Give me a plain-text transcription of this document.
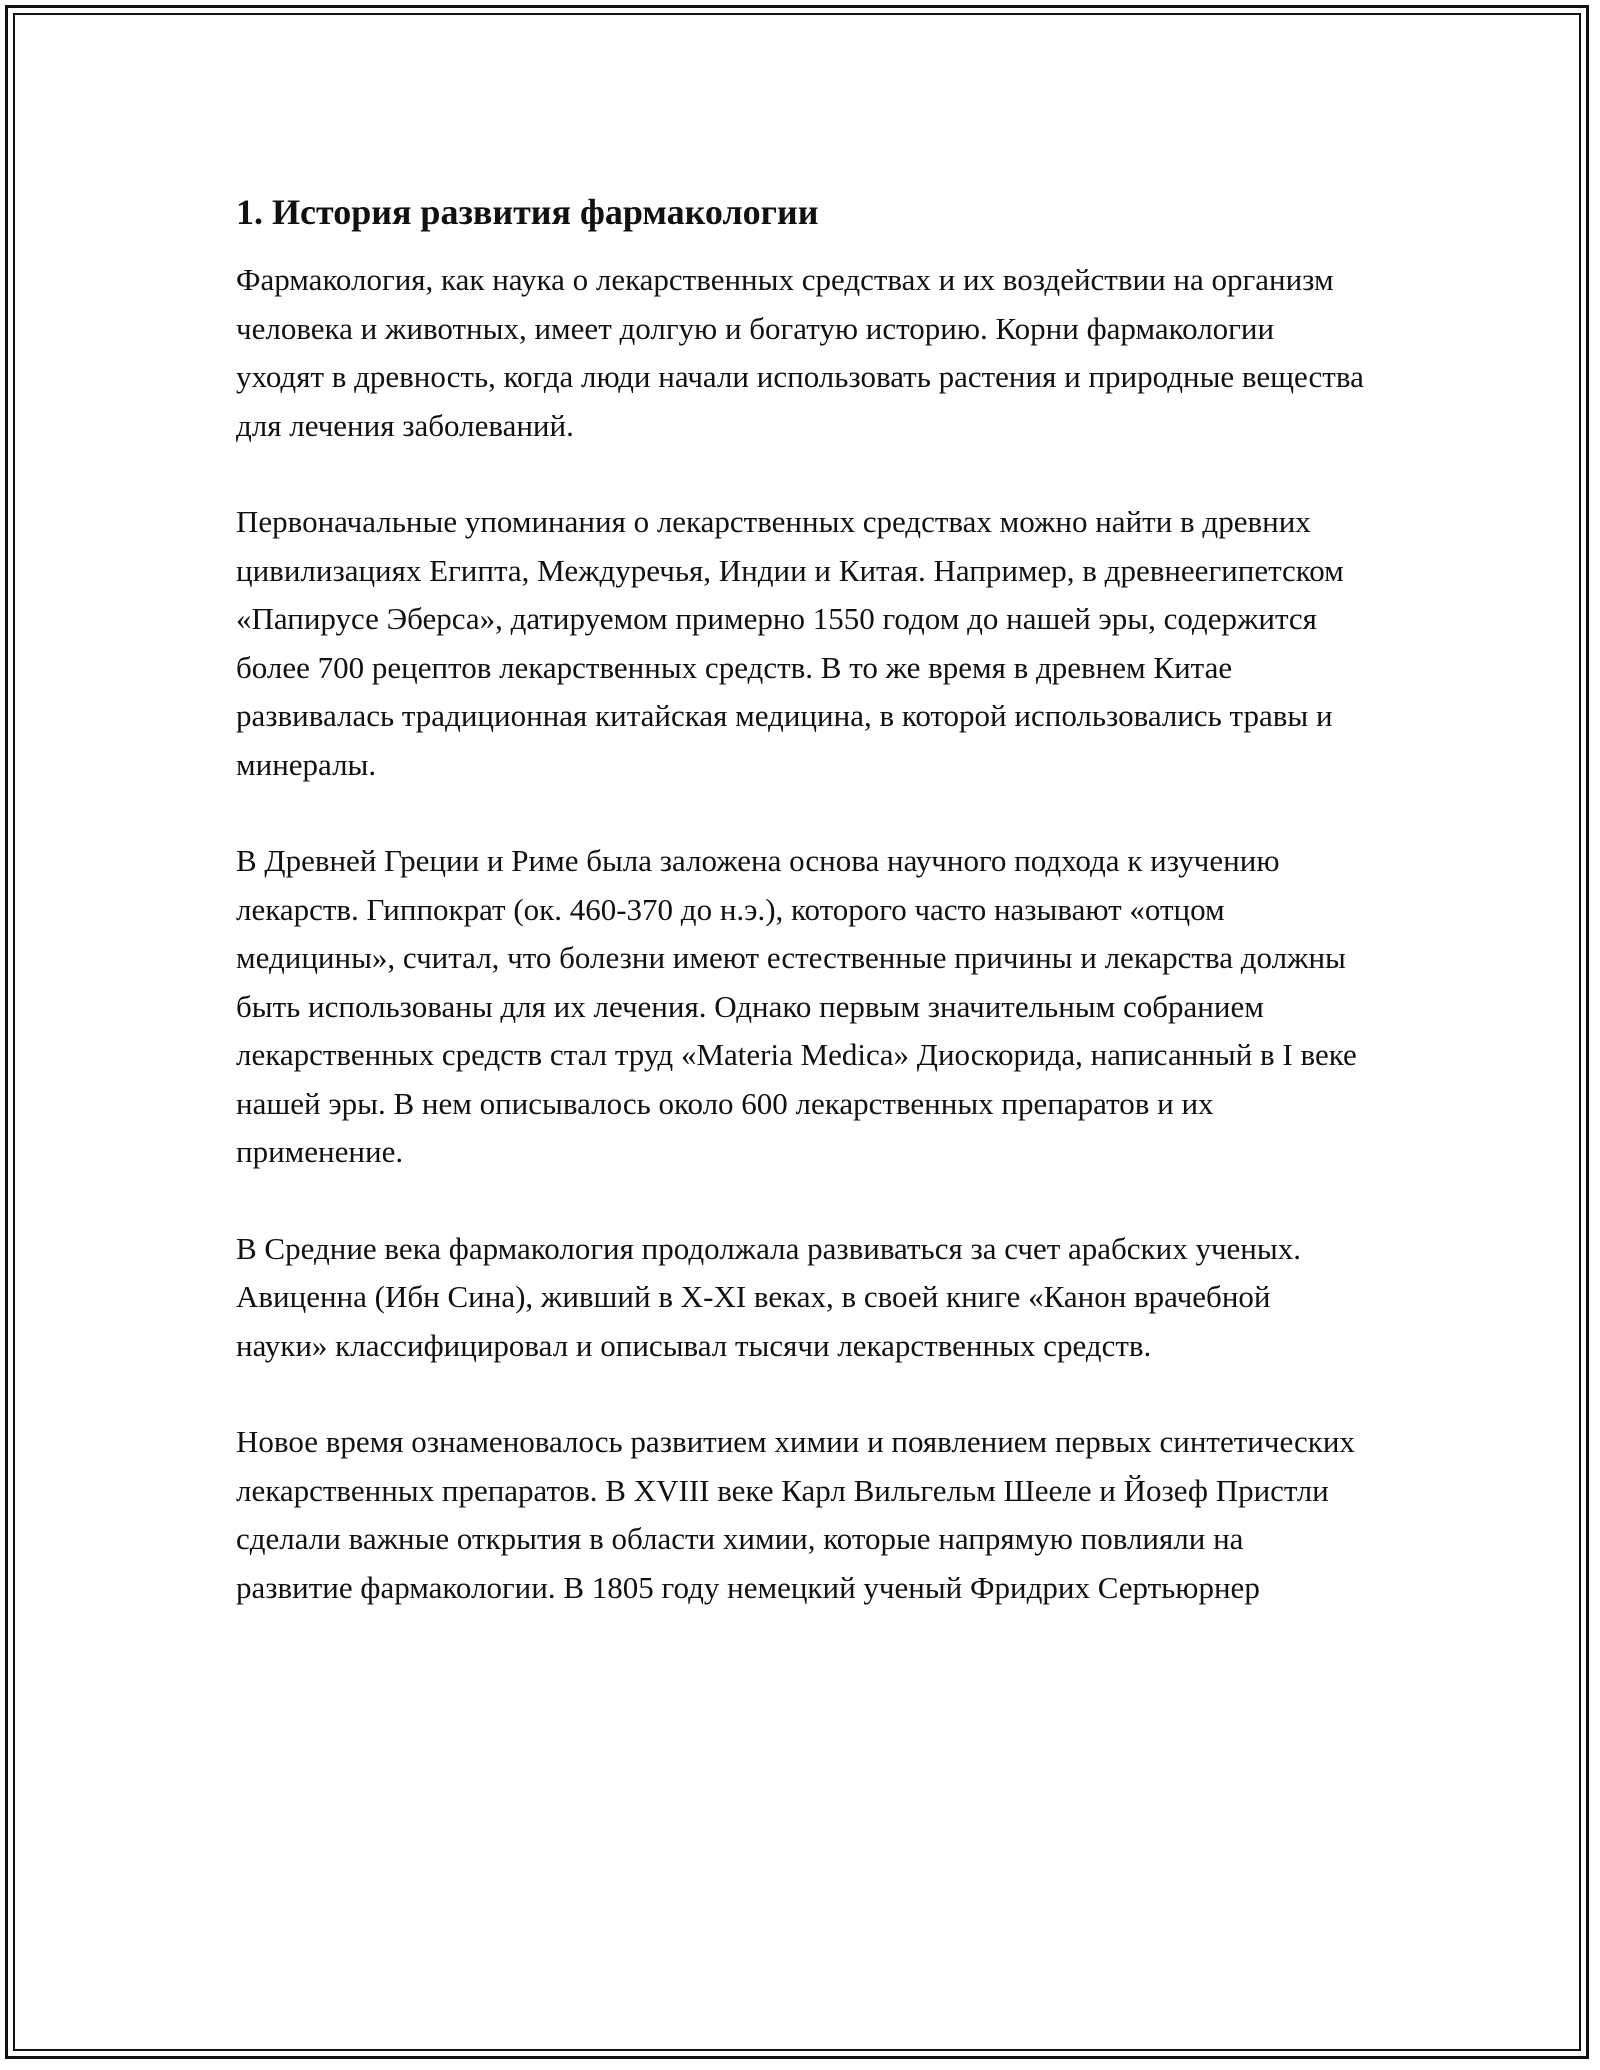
1. История развития фармакологии

Фармакология, как наука о лекарственных средствах и их воздействии на организм человека и животных, имеет долгую и богатую историю. Корни фармакологии уходят в древность, когда люди начали использовать растения и природные вещества для лечения заболеваний.

Первоначальные упоминания о лекарственных средствах можно найти в древних цивилизациях Египта, Междуречья, Индии и Китая. Например, в древнеегипетском «Папирусе Эберса», датируемом примерно 1550 годом до нашей эры, содержится более 700 рецептов лекарственных средств. В то же время в древнем Китае развивалась традиционная китайская медицина, в которой использовались травы и минералы.

В Древней Греции и Риме была заложена основа научного подхода к изучению лекарств. Гиппократ (ок. 460-370 до н.э.), которого часто называют «отцом медицины», считал, что болезни имеют естественные причины и лекарства должны быть использованы для их лечения. Однако первым значительным собранием лекарственных средств стал труд «Materia Medica» Диоскорида, написанный в I веке нашей эры. В нем описывалось около 600 лекарственных препаратов и их применение.

В Средние века фармакология продолжала развиваться за счет арабских ученых. Авиценна (Ибн Сина), живший в X-XI веках, в своей книге «Канон врачебной науки» классифицировал и описывал тысячи лекарственных средств.

Новое время ознаменовалось развитием химии и появлением первых синтетических лекарственных препаратов. В XVIII веке Карл Вильгельм Шееле и Йозеф Пристли сделали важные открытия в области химии, которые напрямую повлияли на развитие фармакологии. В 1805 году немецкий ученый Фридрих Сертьюрнер
